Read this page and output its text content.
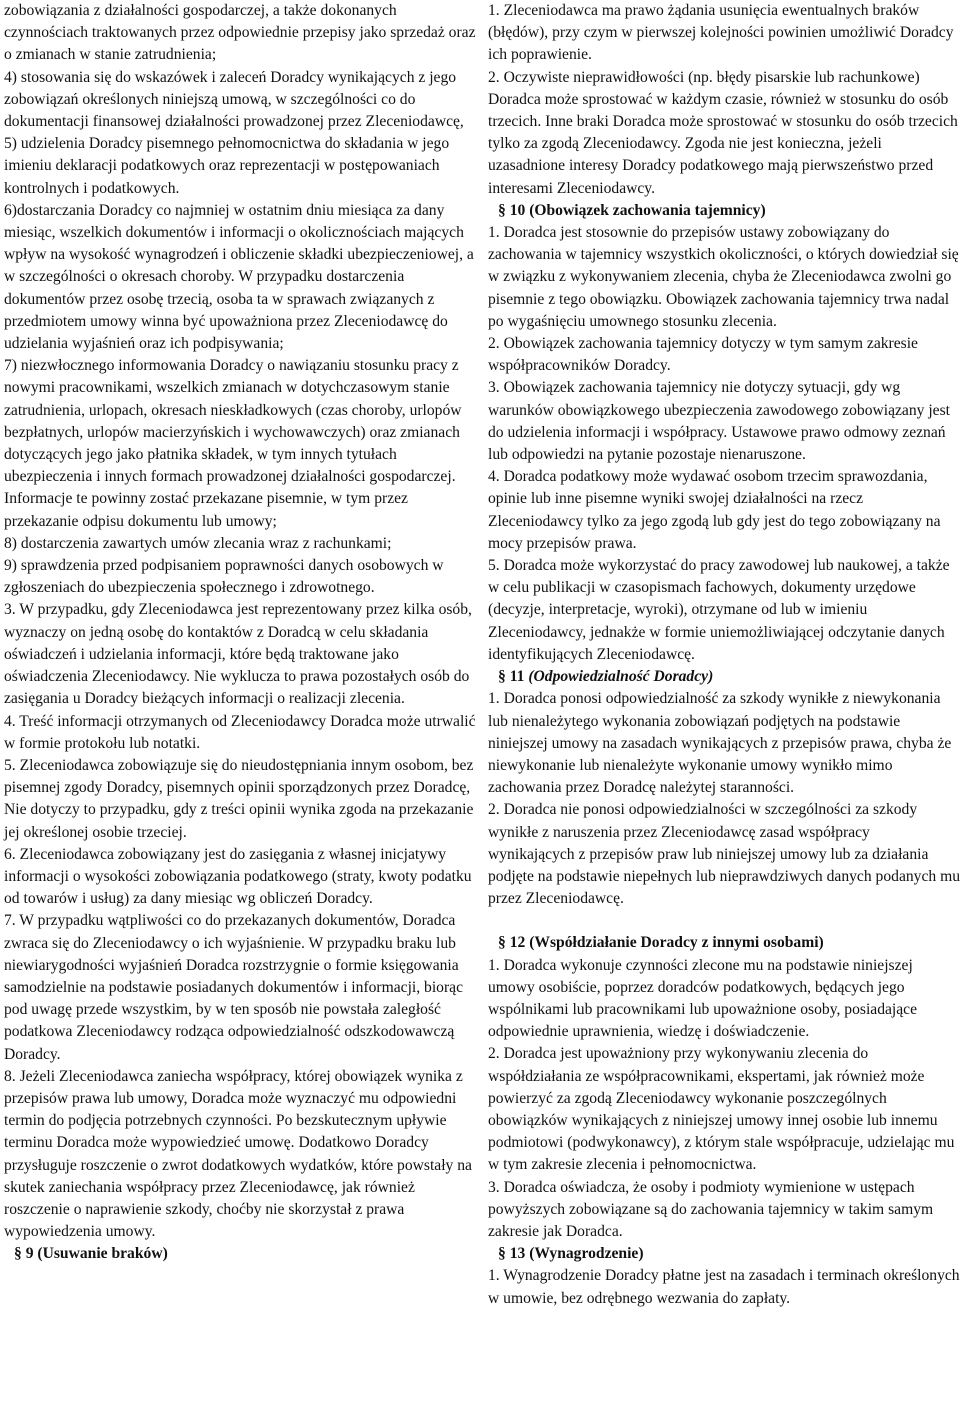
zobowiązania z działalności gospodarczej, a także dokonanych czynnościach traktowanych przez odpowiednie przepisy jako sprzedaż oraz o zmianach w stanie zatrudnienia;

4) stosowania się do wskazówek i zaleceń Doradcy wynikających z jego zobowiązań określonych niniejszą umową, w szczególności co do dokumentacji finansowej działalności prowadzonej przez Zleceniodawcę,

5) udzielenia Doradcy pisemnego pełnomocnictwa do składania w jego imieniu deklaracji podatkowych oraz reprezentacji w postępowaniach kontrolnych i podatkowych.

6)dostarczania Doradcy co najmniej w ostatnim dniu miesiąca za dany miesiąc, wszelkich dokumentów i informacji o okolicznościach mających wpływ na wysokość wynagrodzeń i obliczenie składki ubezpieczeniowej, a w szczególności o okresach choroby. W przypadku dostarczenia dokumentów przez osobę trzecią, osoba ta w sprawach związanych z przedmiotem umowy winna być upoważniona przez Zleceniodawcę do udzielania wyjaśnień oraz ich podpisywania;

7) niezwłocznego informowania Doradcy o nawiązaniu stosunku pracy z nowymi pracownikami, wszelkich zmianach w dotychczasowym stanie zatrudnienia, urlopach, okresach nieskładkowych (czas choroby, urlopów bezpłatnych, urlopów macierzyńskich i wychowawczych) oraz zmianach dotyczących jego jako płatnika składek, w tym innych tytułach ubezpieczenia i innych formach prowadzonej działalności gospodarczej. Informacje te powinny zostać przekazane pisemnie, w tym przez przekazanie odpisu dokumentu lub umowy;

8) dostarczenia zawartych umów zlecania wraz z rachunkami;

9) sprawdzenia przed podpisaniem poprawności danych osobowych w zgłoszeniach do ubezpieczenia społecznego i zdrowotnego.

3. W przypadku, gdy Zleceniodawca jest reprezentowany przez kilka osób, wyznaczy on jedną osobę do kontaktów z Doradcą w celu składania oświadczeń i udzielania informacji, które będą traktowane jako oświadczenia Zleceniodawcy. Nie wyklucza to prawa pozostałych osób do zasięgania u Doradcy bieżących informacji o realizacji zlecenia.

4. Treść informacji otrzymanych od Zleceniodawcy Doradca może utrwalić w formie protokołu lub notatki.

5. Zleceniodawca zobowiązuje się do nieudostępniania innym osobom, bez pisemnej zgody Doradcy, pisemnych opinii sporządzonych przez Doradcę, Nie dotyczy to przypadku, gdy z treści opinii wynika zgoda na przekazanie jej określonej osobie trzeciej.

6. Zleceniodawca zobowiązany jest do zasięgania z własnej inicjatywy informacji o wysokości zobowiązania podatkowego (straty, kwoty podatku od towarów i usług) za dany miesiąc wg obliczeń Doradcy.

7. W przypadku wątpliwości co do przekazanych dokumentów, Doradca zwraca się do Zleceniodawcy o ich wyjaśnienie. W przypadku braku lub niewiarygodności wyjaśnień Doradca rozstrzygnie o formie księgowania samodzielnie na podstawie posiadanych dokumentów i informacji, biorąc pod uwagę przede wszystkim, by w ten sposób nie powstała zaległość podatkowa Zleceniodawcy rodząca odpowiedzialność odszkodowawczą Doradcy.

8. Jeżeli Zleceniodawca zaniecha współpracy, której obowiązek wynika z przepisów prawa lub umowy, Doradca może wyznaczyć mu odpowiedni termin do podjęcia potrzebnych czynności. Po bezskutecznym upływie terminu Doradca może wypowiedzieć umowę. Dodatkowo Doradcy przysługuje roszczenie o zwrot dodatkowych wydatków, które powstały na skutek zaniechania współpracy przez Zleceniodawcę, jak również roszczenie o naprawienie szkody, choćby nie skorzystał z prawa wypowiedzenia umowy.

§ 9 (Usuwanie braków)

1. Zleceniodawca ma prawo żądania usunięcia ewentualnych braków (błędów), przy czym w pierwszej kolejności powinien umożliwić Doradcy ich poprawienie.

2. Oczywiste nieprawidłowości (np. błędy pisarskie lub rachunkowe) Doradca może sprostować w każdym czasie, również w stosunku do osób trzecich. Inne braki Doradca może sprostować w stosunku do osób trzecich tylko za zgodą Zleceniodawcy. Zgoda nie jest konieczna, jeżeli uzasadnione interesy Doradcy podatkowego mają pierwszeństwo przed interesami Zleceniodawcy.

§ 10 (Obowiązek zachowania tajemnicy)

1. Doradca jest stosownie do przepisów ustawy zobowiązany do zachowania w tajemnicy wszystkich okoliczności, o których dowiedział się w związku z wykonywaniem zlecenia, chyba że Zleceniodawca zwolni go pisemnie z tego obowiązku. Obowiązek zachowania tajemnicy trwa nadal po wygaśnięciu umownego stosunku zlecenia.

2. Obowiązek zachowania tajemnicy dotyczy w tym samym zakresie współpracowników Doradcy.

3. Obowiązek zachowania tajemnicy nie dotyczy sytuacji, gdy wg warunków obowiązkowego ubezpieczenia zawodowego zobowiązany jest do udzielenia informacji i współpracy. Ustawowe prawo odmowy zeznań lub odpowiedzi na pytanie pozostaje nienaruszone.

4. Doradca podatkowy może wydawać osobom trzecim sprawozdania, opinie lub inne pisemne wyniki swojej działalności na rzecz Zleceniodawcy tylko za jego zgodą lub gdy jest do tego zobowiązany na mocy przepisów prawa.

5. Doradca może wykorzystać do pracy zawodowej lub naukowej, a także w celu publikacji w czasopismach fachowych, dokumenty urzędowe (decyzje, interpretacje, wyroki), otrzymane od lub w imieniu Zleceniodawcy, jednakże w formie uniemożliwiającej odczytanie danych identyfikujących Zleceniodawcę.

§ 11 (Odpowiedzialność Doradcy)

1. Doradca ponosi odpowiedzialność za szkody wynikłe z niewykonania lub nienależytego wykonania zobowiązań podjętych na podstawie niniejszej umowy na zasadach wynikających z przepisów prawa, chyba że niewykonanie lub nienależyte wykonanie umowy wynikło mimo zachowania przez Doradcę należytej staranności.

2. Doradca nie ponosi odpowiedzialności w szczególności za szkody wynikłe z naruszenia przez Zleceniodawcę zasad współpracy wynikających z przepisów praw lub niniejszej umowy lub za działania podjęte na podstawie niepełnych lub nieprawdziwych danych podanych mu przez Zleceniodawcę.

§ 12 (Współdziałanie Doradcy z innymi osobami)

1. Doradca wykonuje czynności zlecone mu na podstawie niniejszej umowy osobiście, poprzez doradców podatkowych, będących jego wspólnikami lub pracownikami lub upoważnione osoby, posiadające odpowiednie uprawnienia, wiedzę i doświadczenie.

2. Doradca jest upoważniony przy wykonywaniu zlecenia do współdziałania ze współpracownikami, ekspertami, jak również może powierzyć za zgodą Zleceniodawcy wykonanie poszczególnych obowiązków wynikających z niniejszej umowy innej osobie lub innemu podmiotowi (podwykonawcy), z którym stale współpracuje, udzielając mu w tym zakresie zlecenia i pełnomocnictwa.

3. Doradca oświadcza, że osoby i podmioty wymienione w ustępach powyższych zobowiązane są do zachowania tajemnicy w takim samym zakresie jak Doradca.

§ 13 (Wynagrodzenie)

1. Wynagrodzenie Doradcy płatne jest na zasadach i terminach określonych w umowie, bez odrębnego wezwania do zapłaty.
